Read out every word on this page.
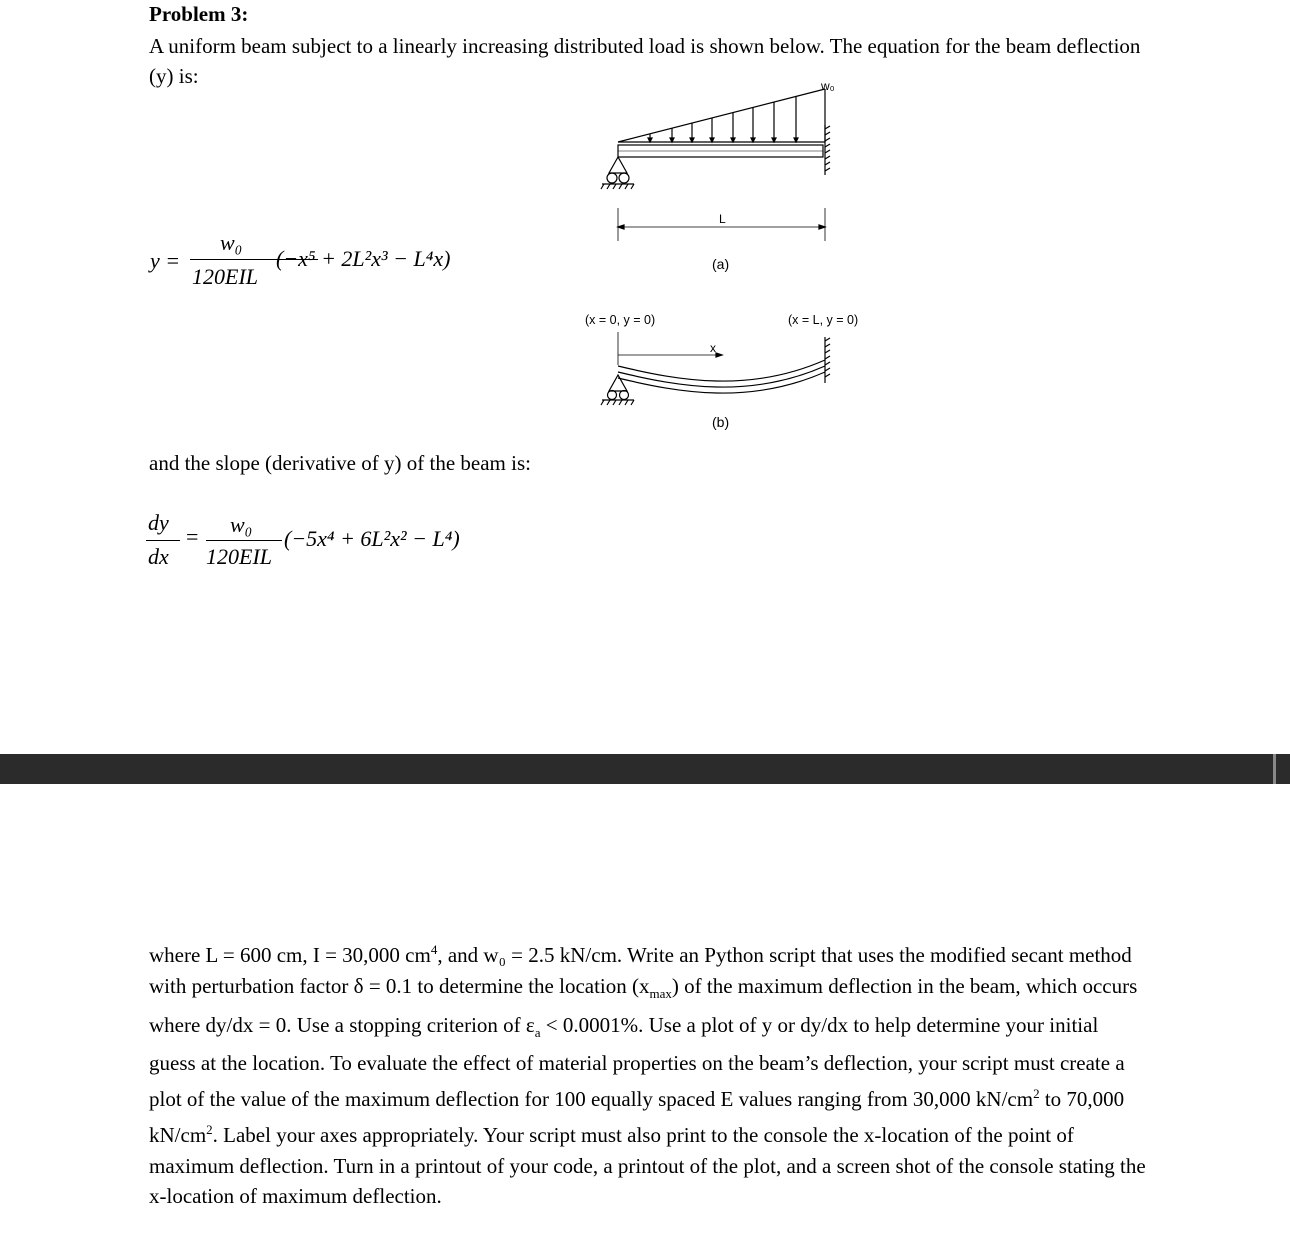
Problem 3:
A uniform beam subject to a linearly increasing distributed load is shown below. The equation for the beam deflection (y) is:
y =
w₀
120EIL
(−x⁵ + 2L²x³ − L⁴x)
w₀
L
(a)
(x = 0, y = 0)	(x = L, y = 0)
x
(b)
and the slope (derivative of y) of the beam is:
dy
dx
= w₀
120EIL
(−5x⁴ + 6L²x² − L⁴)
where L = 600 cm, I = 30,000 $cm^4$, and w₀ = 2.5 kN/cm. Write an Python script that uses the modified secant method with perturbation factor δ = 0.1 to determine the location $(x_{max})$ of the maximum deflection in the beam, which occurs where dy/dx = 0. Use a stopping criterion of $\varepsilon_a < 0.0001\%$. Use a plot of y or dy/dx to help determine your initial guess at the location. To evaluate the effect of material properties on the beam’s deflection, your script must create a plot of the value of the maximum deflection for 100 equally spaced E values ranging from 30,000 $kN/cm^2$ to 70,000 $kN/cm^2$. Label your axes appropriately. Your script must also print to the console the x-location of the point of maximum deflection. Turn in a printout of your code, a printout of the plot, and a screen shot of the console stating the x-location of maximum deflection.
